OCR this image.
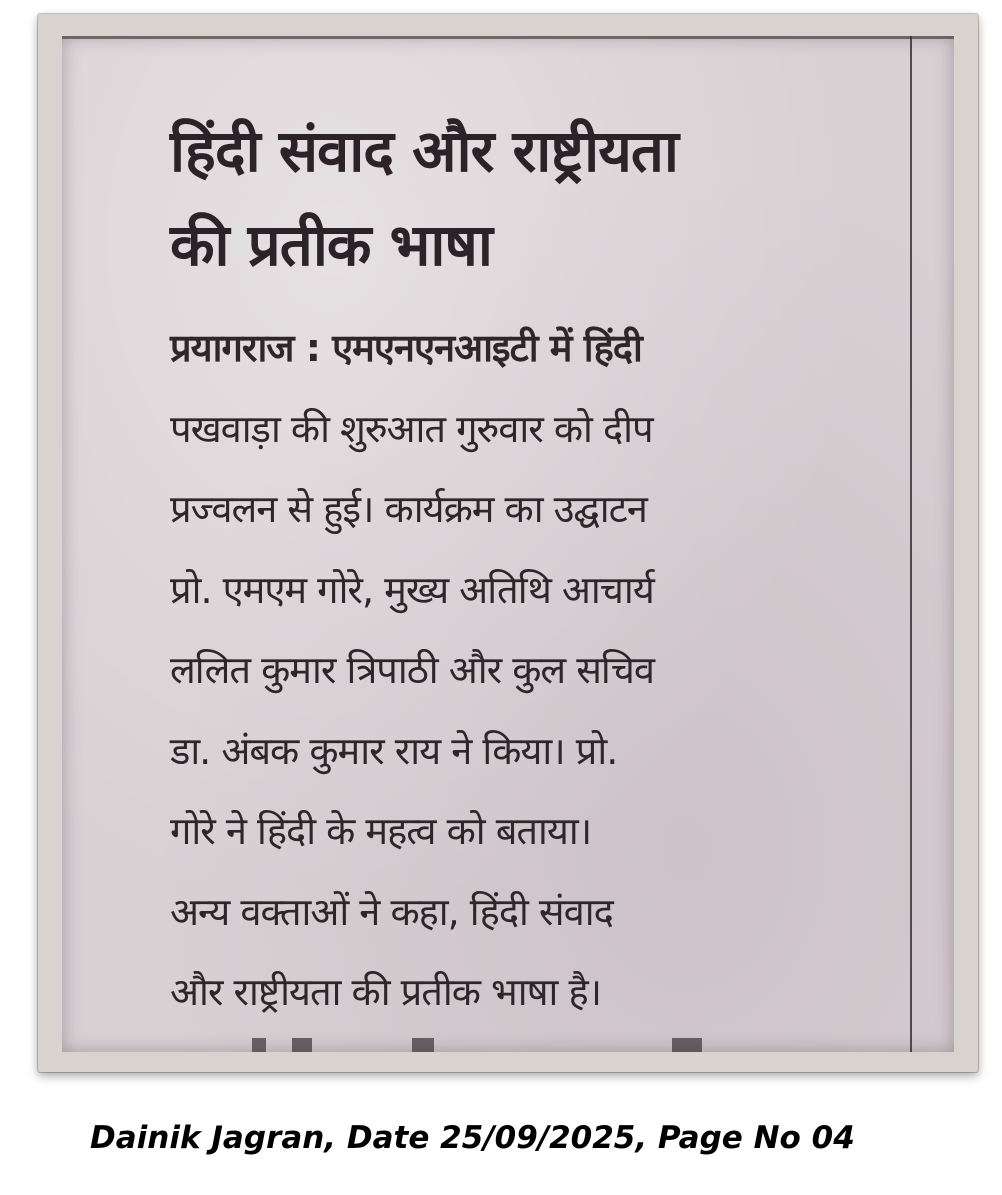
हिंदी संवाद और राष्ट्रीयता
की प्रतीक भाषा
प्रयागराज : एमएनएनआइटी में हिंदी
पखवाड़ा की शुरुआत गुरुवार को दीप
प्रज्वलन से हुई। कार्यक्रम का उद्घाटन
प्रो. एमएम गोरे, मुख्य अतिथि आचार्य
ललित कुमार त्रिपाठी और कुल सचिव
डा. अंबक कुमार राय ने किया। प्रो.
गोरे ने हिंदी के महत्व को बताया।
अन्य वक्ताओं ने कहा, हिंदी संवाद
और राष्ट्रीयता की प्रतीक भाषा है।

Dainik Jagran, Date 25/09/2025, Page No 04
